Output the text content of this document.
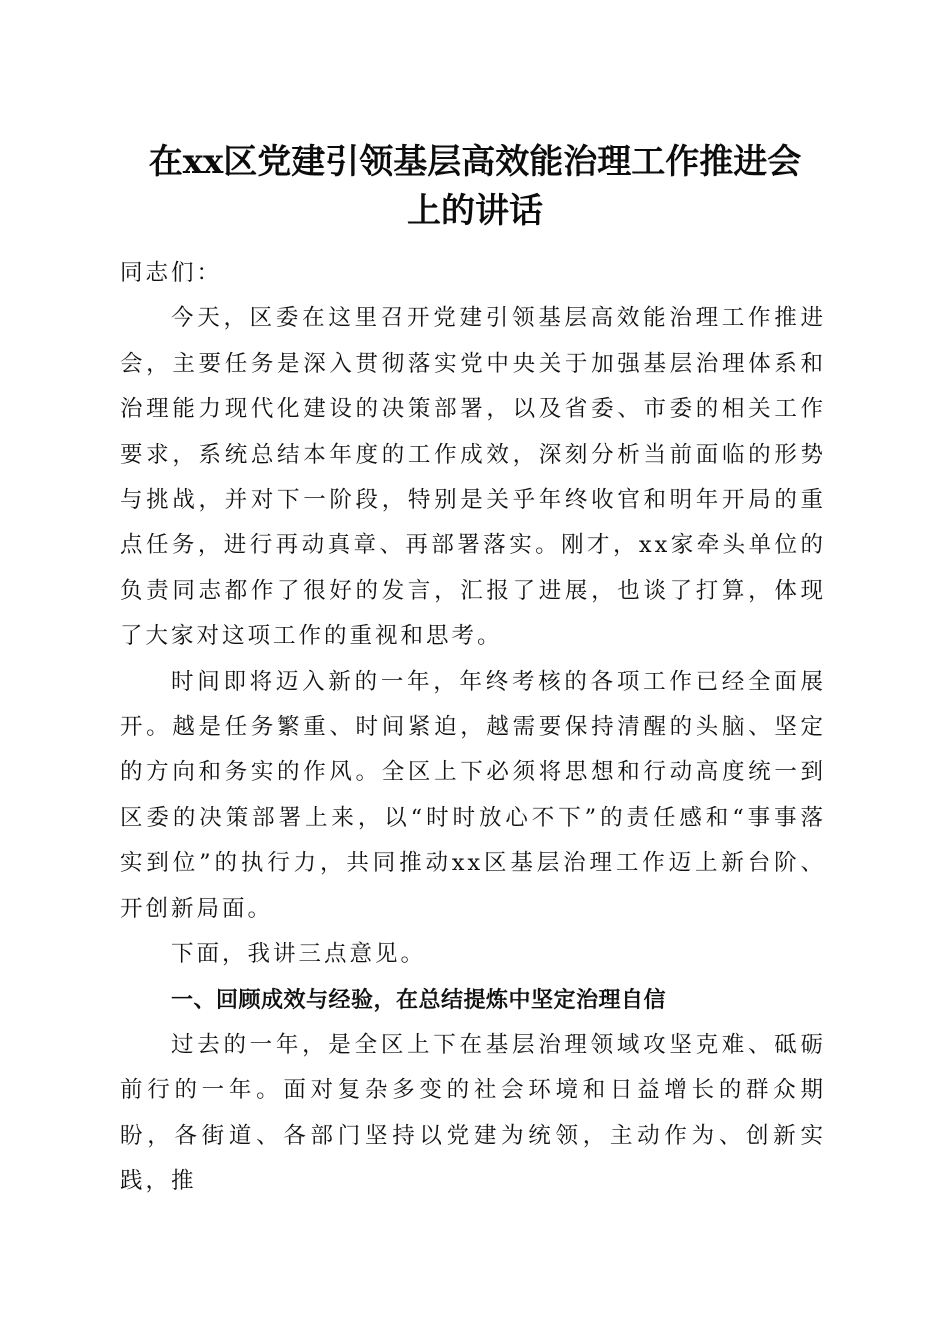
在xx区党建引领基层高效能治理工作推进会
上的讲话

同志们：

今天，区委在这里召开党建引领基层高效能治理工作推进会，主要任务是深入贯彻落实党中央关于加强基层治理体系和治理能力现代化建设的决策部署，以及省委、市委的相关工作要求，系统总结本年度的工作成效，深刻分析当前面临的形势与挑战，并对下一阶段，特别是关乎年终收官和明年开局的重点任务，进行再动真章、再部署落实。刚才，xx家牵头单位的负责同志都作了很好的发言，汇报了进展，也谈了打算，体现了大家对这项工作的重视和思考。

时间即将迈入新的一年，年终考核的各项工作已经全面展开。越是任务繁重、时间紧迫，越需要保持清醒的头脑、坚定的方向和务实的作风。全区上下必须将思想和行动高度统一到区委的决策部署上来，以“时时放心不下”的责任感和“事事落实到位”的执行力，共同推动xx区基层治理工作迈上新台阶、开创新局面。

下面，我讲三点意见。

一、回顾成效与经验，在总结提炼中坚定治理自信

过去的一年，是全区上下在基层治理领域攻坚克难、砥砺前行的一年。面对复杂多变的社会环境和日益增长的群众期盼，各街道、各部门坚持以党建为统领，主动作为、创新实践，推
